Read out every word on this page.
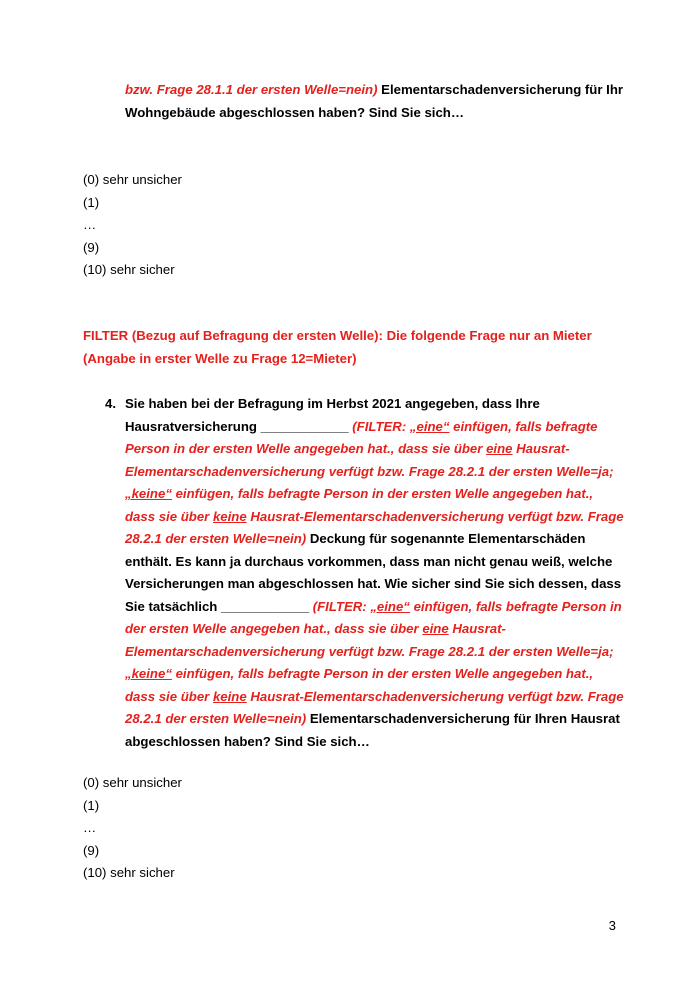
bzw. Frage 28.1.1 der ersten Welle=nein) Elementarschadenversicherung für Ihr Wohngebäude abgeschlossen haben? Sind Sie sich…
(0) sehr unsicher
(1)
…
(9)
(10) sehr sicher
FILTER (Bezug auf Befragung der ersten Welle): Die folgende Frage nur an Mieter (Angabe in erster Welle zu Frage 12=Mieter)
4. Sie haben bei der Befragung im Herbst 2021 angegeben, dass Ihre Hausratversicherung ____________ (FILTER: „eine“ einfügen, falls befragte Person in der ersten Welle angegeben hat., dass sie über eine Hausrat-Elementarschadenversicherung verfügt bzw. Frage 28.2.1 der ersten Welle=ja; „keine“ einfügen, falls befragte Person in der ersten Welle angegeben hat., dass sie über keine Hausrat-Elementarschadenversicherung verfügt bzw. Frage 28.2.1 der ersten Welle=nein) Deckung für sogenannte Elementarschäden enthält. Es kann ja durchaus vorkommen, dass man nicht genau weiß, welche Versicherungen man abgeschlossen hat. Wie sicher sind Sie sich dessen, dass Sie tatsächlich ____________ (FILTER: „eine“ einfügen, falls befragte Person in der ersten Welle angegeben hat., dass sie über eine Hausrat-Elementarschadenversicherung verfügt bzw. Frage 28.2.1 der ersten Welle=ja; „keine“ einfügen, falls befragte Person in der ersten Welle angegeben hat., dass sie über keine Hausrat-Elementarschadenversicherung verfügt bzw. Frage 28.2.1 der ersten Welle=nein) Elementarschadenversicherung für Ihren Hausrat abgeschlossen haben? Sind Sie sich…
(0) sehr unsicher
(1)
…
(9)
(10) sehr sicher
3
